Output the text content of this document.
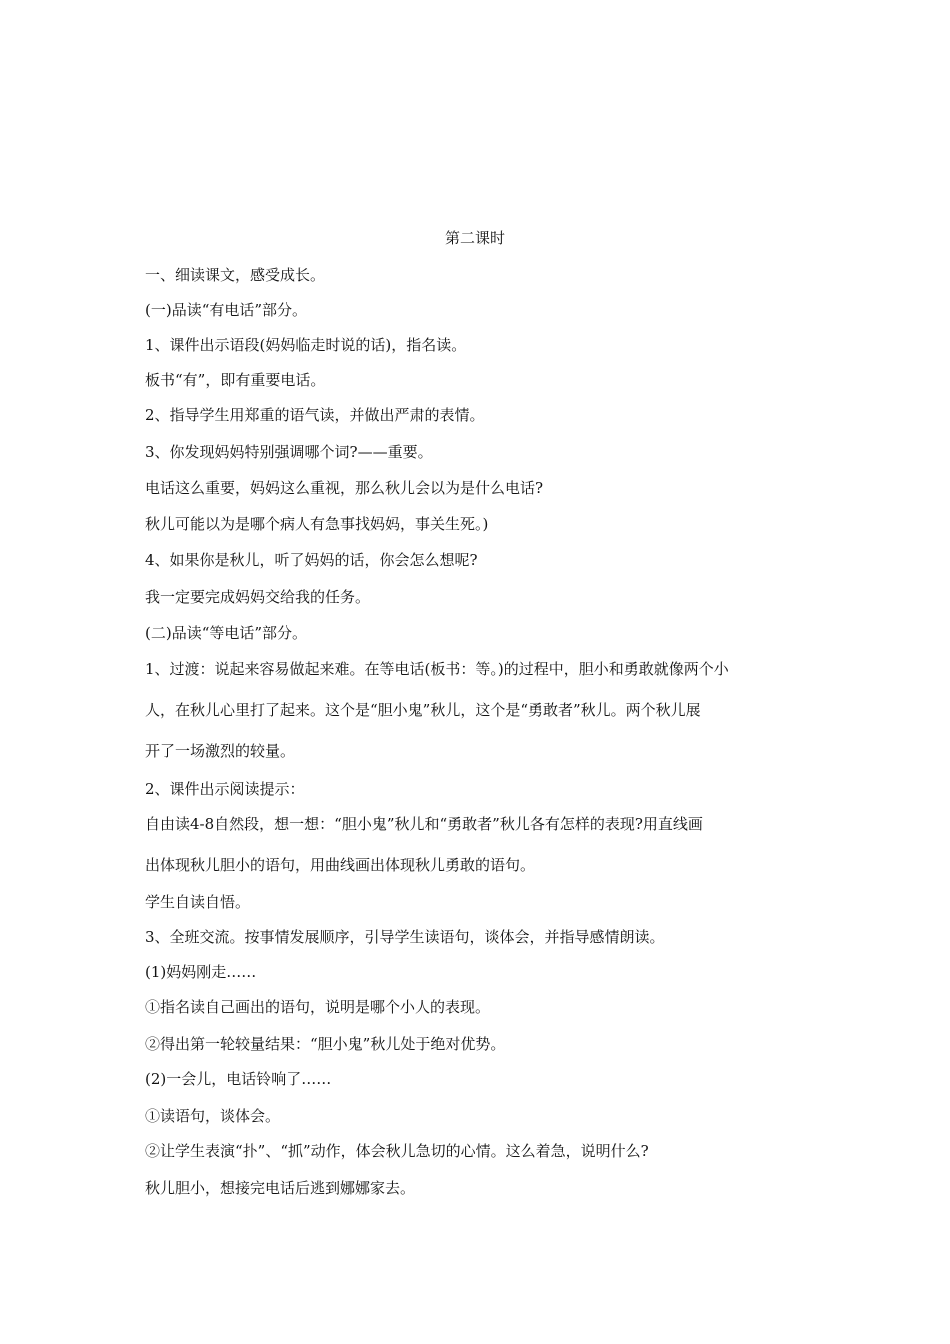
第二课时
一、细读课文，感受成长。
(一)品读“有电话”部分。
1、课件出示语段(妈妈临走时说的话)，指名读。
板书“有”，即有重要电话。
2、指导学生用郑重的语气读，并做出严肃的表情。
3、你发现妈妈特别强调哪个词?——重要。
电话这么重要，妈妈这么重视，那么秋儿会以为是什么电话?
秋儿可能以为是哪个病人有急事找妈妈，事关生死。)
4、如果你是秋儿，听了妈妈的话，你会怎么想呢?
我一定要完成妈妈交给我的任务。
(二)品读“等电话”部分。
1、过渡：说起来容易做起来难。在等电话(板书：等。)的过程中，胆小和勇敢就像两个小
人，在秋儿心里打了起来。这个是“胆小鬼”秋儿，这个是“勇敢者”秋儿。两个秋儿展
开了一场激烈的较量。
2、课件出示阅读提示：
自由读4-8自然段，想一想：“胆小鬼”秋儿和“勇敢者”秋儿各有怎样的表现?用直线画
出体现秋儿胆小的语句，用曲线画出体现秋儿勇敢的语句。
学生自读自悟。
3、全班交流。按事情发展顺序，引导学生读语句，谈体会，并指导感情朗读。
(1)妈妈刚走……
①指名读自己画出的语句，说明是哪个小人的表现。
②得出第一轮较量结果：“胆小鬼”秋儿处于绝对优势。
(2)一会儿，电话铃响了……
①读语句，谈体会。
②让学生表演“扑”、“抓”动作，体会秋儿急切的心情。这么着急，说明什么?
秋儿胆小，想接完电话后逃到娜娜家去。
